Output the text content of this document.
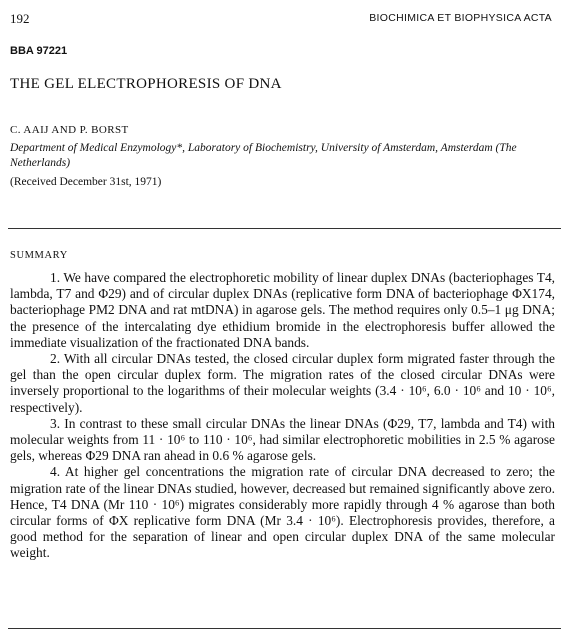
192	BIOCHIMICA ET BIOPHYSICA ACTA
BBA 97221
THE GEL ELECTROPHORESIS OF DNA
C. AAIJ AND P. BORST
Department of Medical Enzymology*, Laboratory of Biochemistry, University of Amsterdam, Amsterdam (The Netherlands)
(Received December 31st, 1971)
SUMMARY

1. We have compared the electrophoretic mobility of linear duplex DNAs (bacteriophages T4, lambda, T7 and Φ29) and of circular duplex DNAs (replicative form DNA of bacteriophage ΦX174, bacteriophage PM2 DNA and rat mtDNA) in agarose gels. The method requires only 0.5–1 μg DNA; the presence of the intercalating dye ethidium bromide in the electrophoresis buffer allowed the immediate visualization of the fractionated DNA bands.

2. With all circular DNAs tested, the closed circular duplex form migrated faster through the gel than the open circular duplex form. The migration rates of the closed circular DNAs were inversely proportional to the logarithms of their molecular weights (3.4 · 10⁶, 6.0 · 10⁶ and 10 · 10⁶, respectively).

3. In contrast to these small circular DNAs the linear DNAs (Φ29, T7, lambda and T4) with molecular weights from 11 · 10⁶ to 110 · 10⁶, had similar electrophoretic mobilities in 2.5 % agarose gels, whereas Φ29 DNA ran ahead in 0.6 % agarose gels.

4. At higher gel concentrations the migration rate of circular DNA decreased to zero; the migration rate of the linear DNAs studied, however, decreased but remained significantly above zero. Hence, T4 DNA (Mr 110 · 10⁶) migrates considerably more rapidly through 4 % agarose than both circular forms of ΦX replicative form DNA (Mr 3.4 · 10⁶). Electrophoresis provides, therefore, a good method for the separation of linear and open circular duplex DNA of the same molecular weight.
